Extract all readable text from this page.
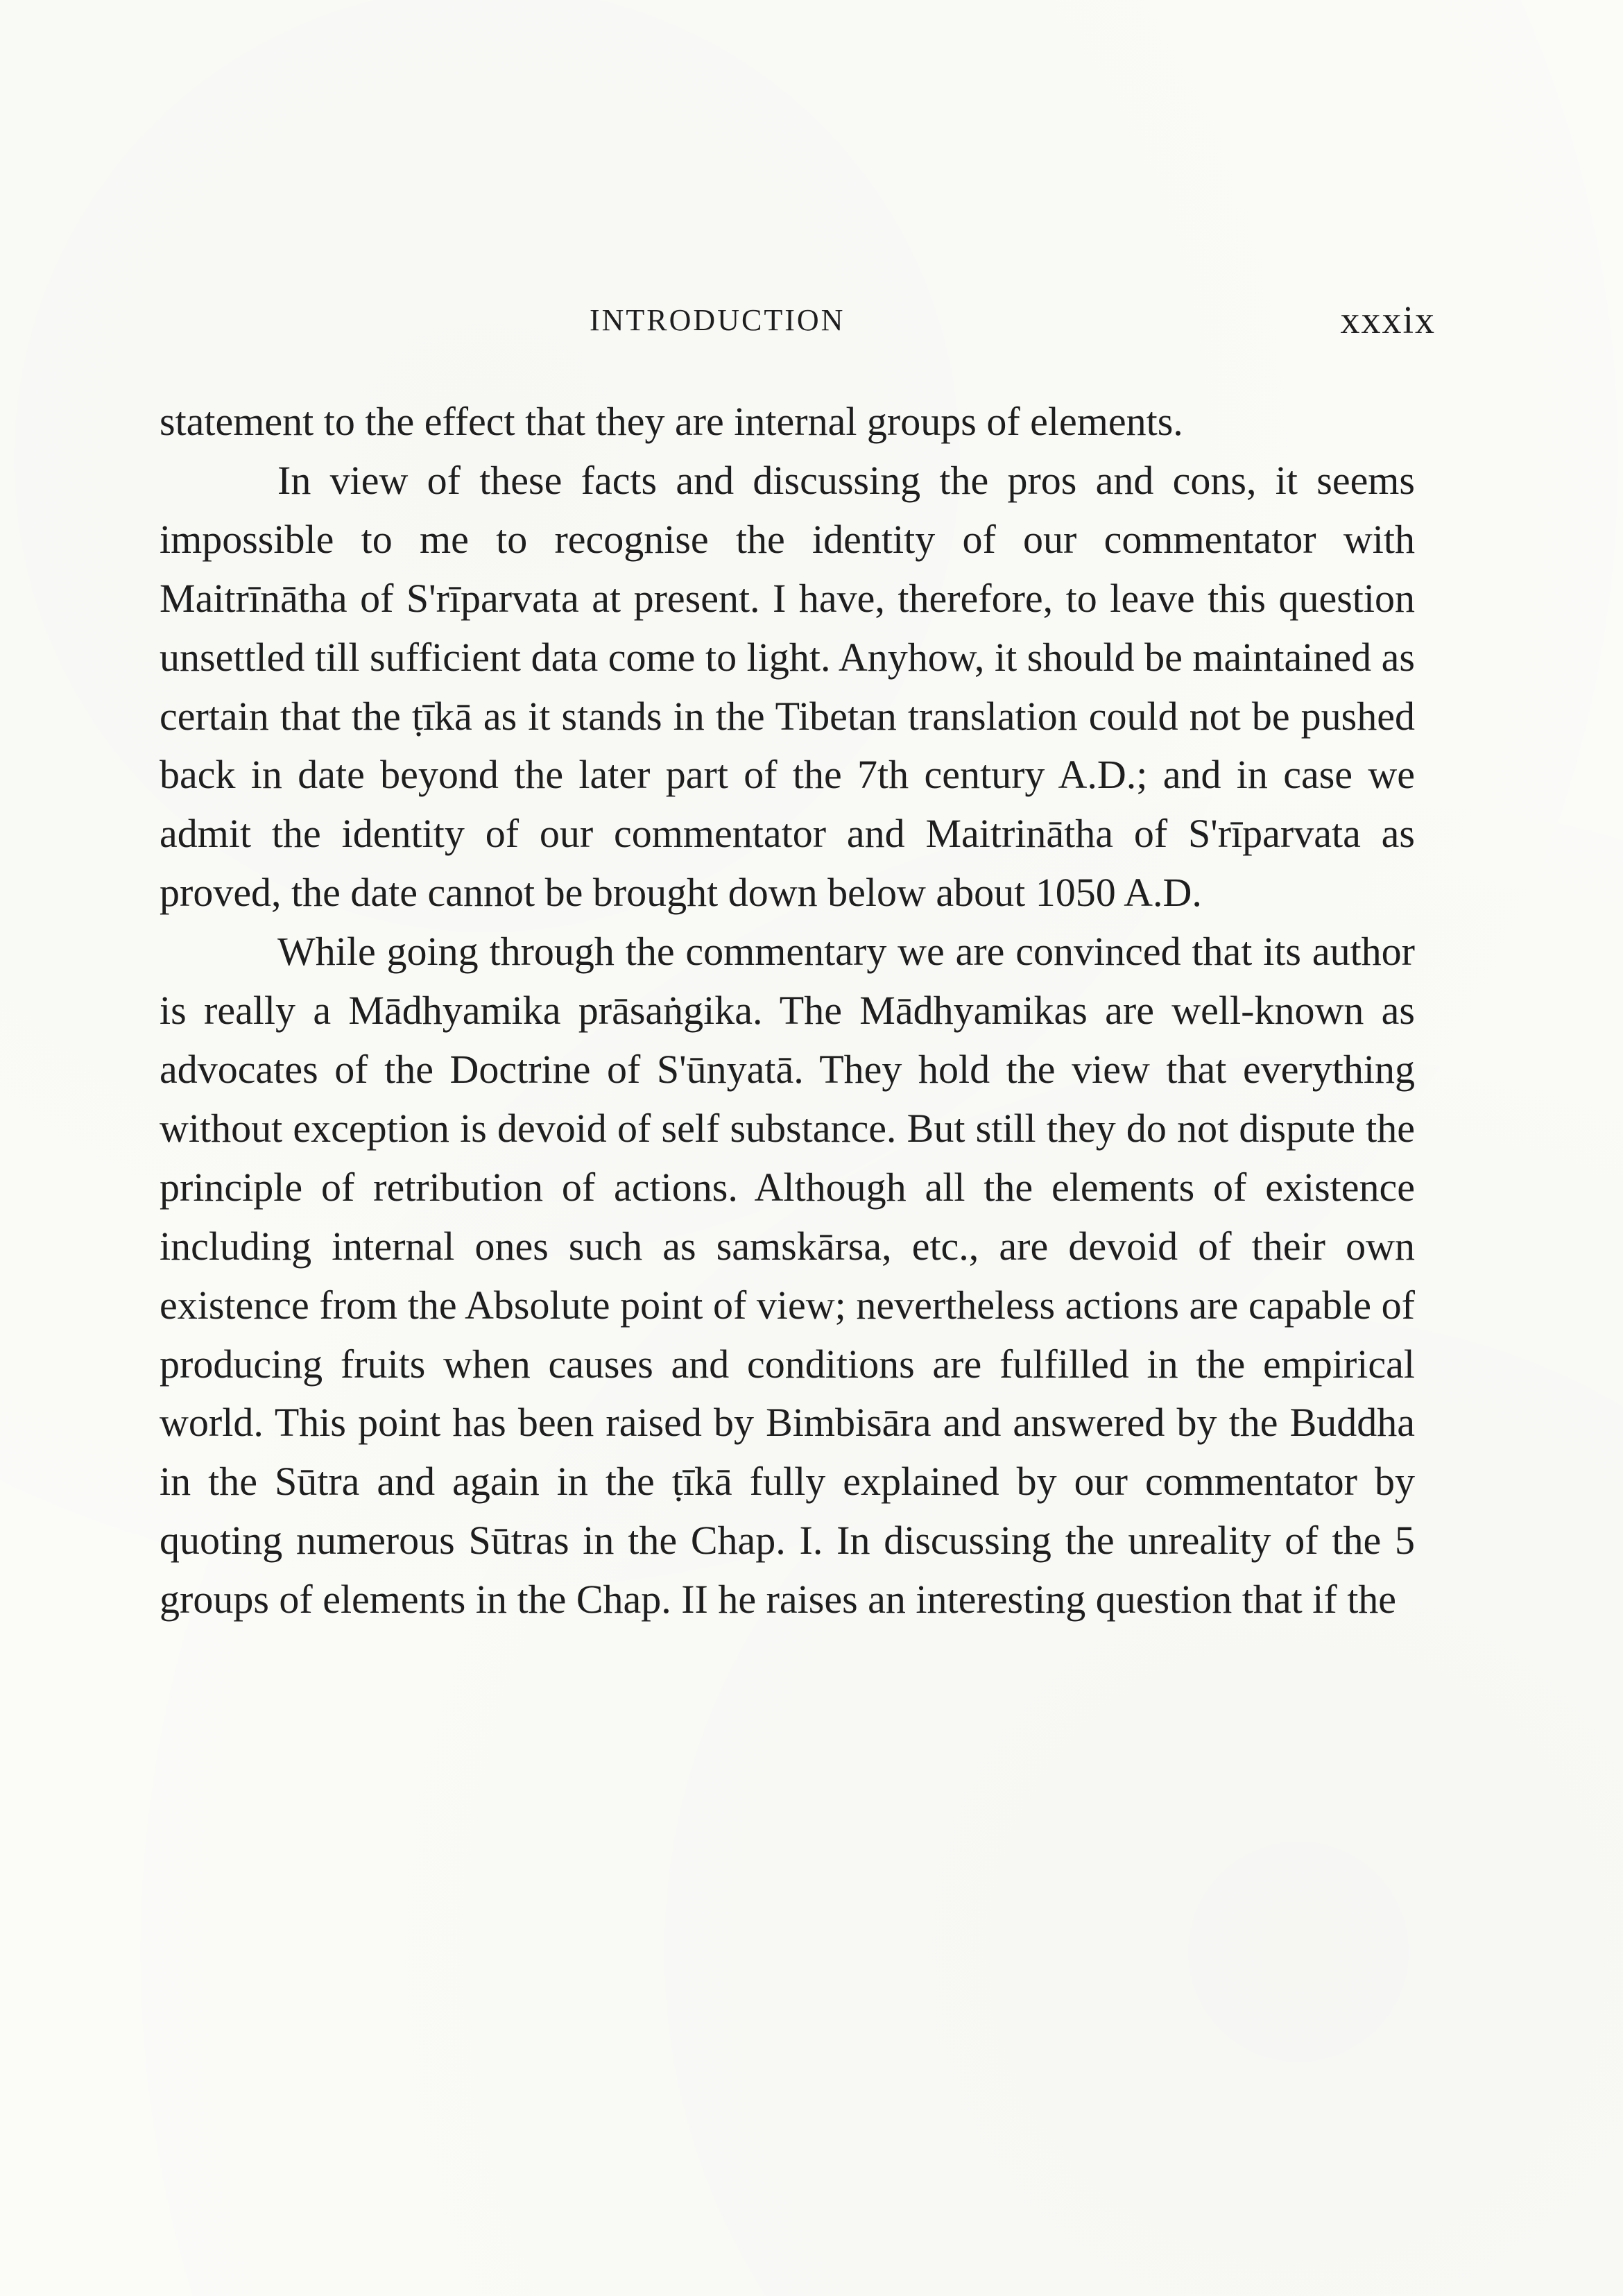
INTRODUCTION	xxxix

statement to the effect that they are internal groups of elements.

In view of these facts and discussing the pros and cons, it seems impossible to me to recognise the identity of our commentator with Maitrīnātha of S'rīparvata at present. I have, therefore, to leave this question unsettled till sufficient data come to light. Anyhow, it should be maintained as certain that the ṭīkā as it stands in the Tibetan translation could not be pushed back in date beyond the later part of the 7th century A.D.; and in case we admit the identity of our commentator and Maitrinātha of S'rīparvata as proved, the date cannot be brought down below about 1050 A.D.

While going through the commentary we are convinced that its author is really a Mādhyamika prāsaṅgika. The Mādhyamikas are well-known as advocates of the Doctrine of S'ūnyatā. They hold the view that everything without exception is devoid of self substance. But still they do not dispute the principle of retribution of actions. Although all the elements of existence including internal ones such as samskārsa, etc., are devoid of their own existence from the Absolute point of view; nevertheless actions are capable of producing fruits when causes and conditions are fulfilled in the empirical world. This point has been raised by Bimbisāra and answered by the Buddha in the Sūtra and again in the ṭīkā fully explained by our commentator by quoting numerous Sūtras in the Chap. I. In discussing the unreality of the 5 groups of elements in the Chap. II he raises an interesting question that if the
